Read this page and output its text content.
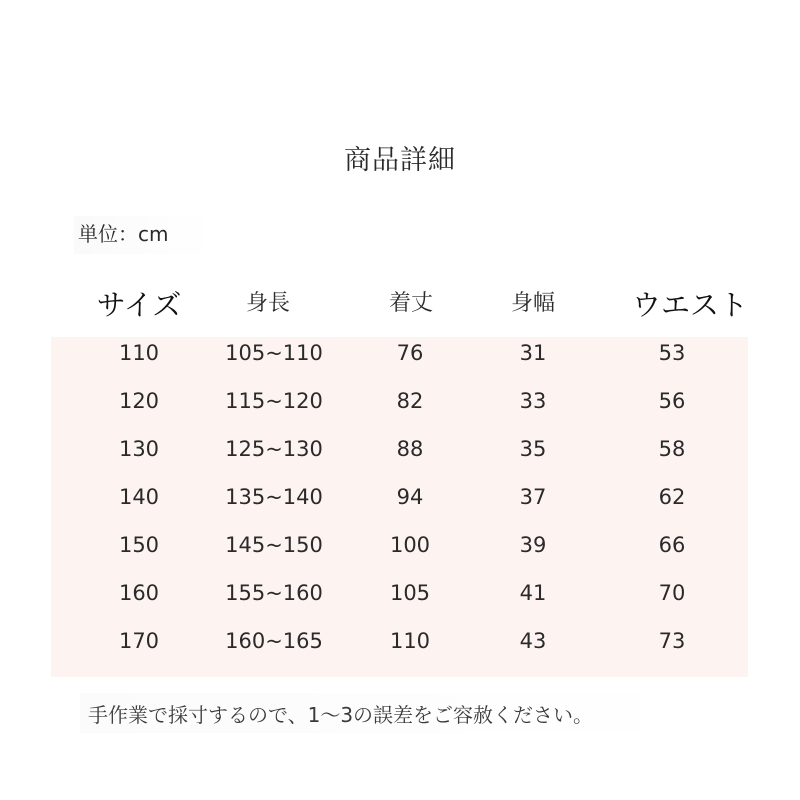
商品詳細
単位：cm
サイズ	身長	着丈	身幅	ウエスト
110	105~110	76	31	53
120	115~120	82	33	56
130	125~130	88	35	58
140	135~140	94	37	62
150	145~150	100	39	66
160	155~160	105	41	70
170	160~165	110	43	73
手作業で採寸するので、1〜3の誤差をご容赦ください。
